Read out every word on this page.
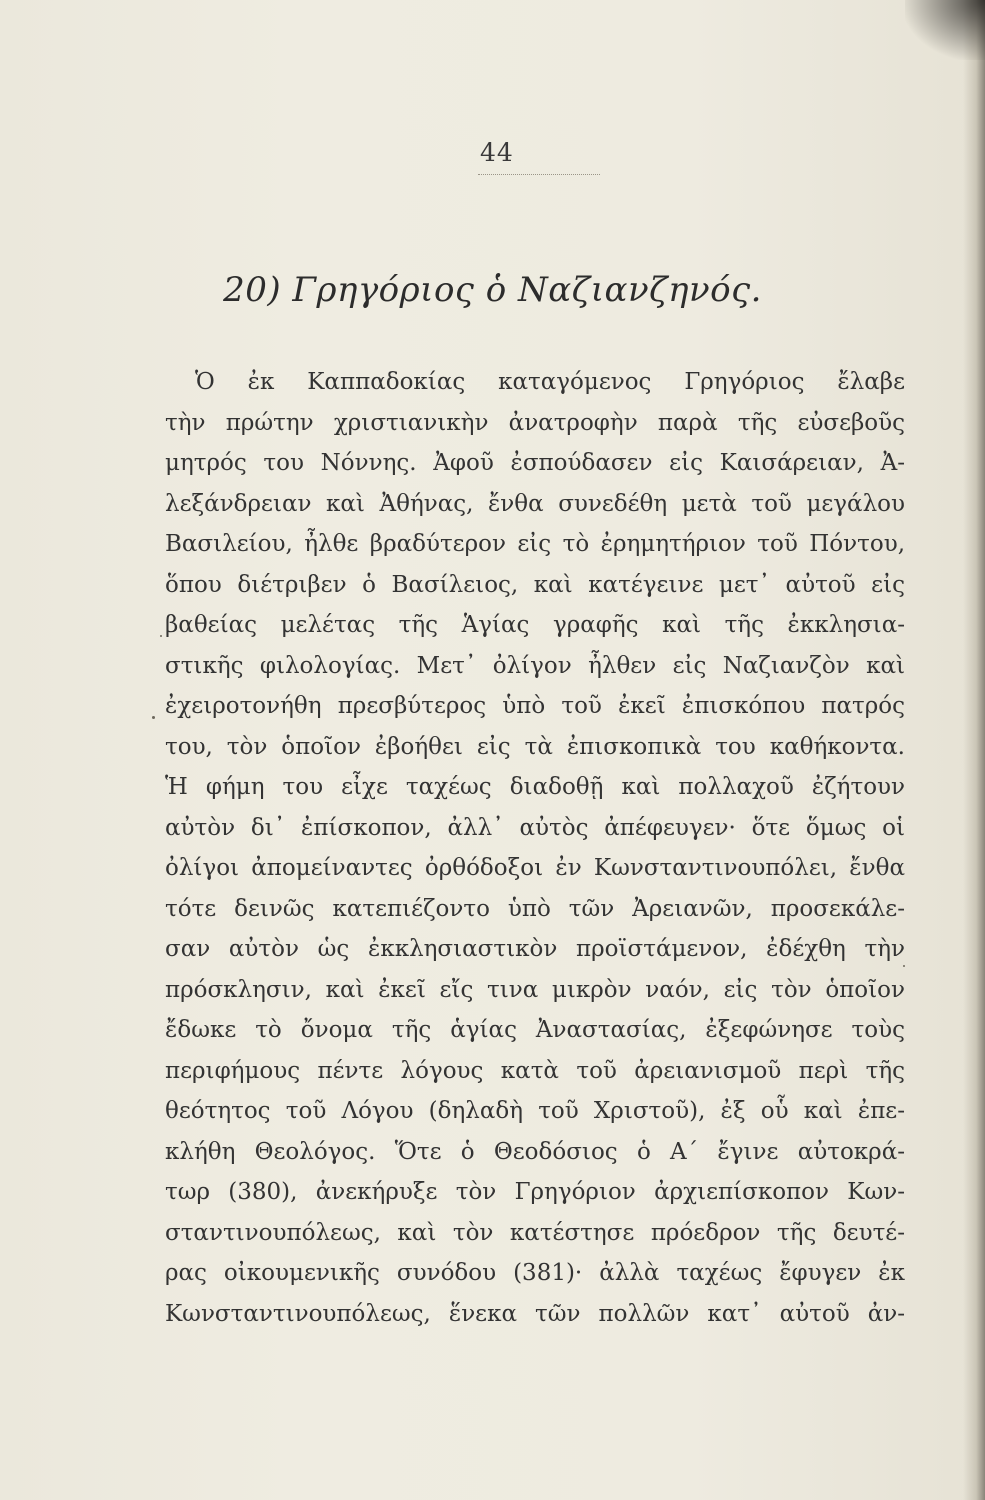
44
20) Γρηγόριος ὁ Ναζιανζηνός.
Ὁ ἐκ Καππαδοκίας καταγόμενος Γρηγόριος ἔλαβε
τὴν πρώτην χριστιανικὴν ἀνατροφὴν παρὰ τῆς εὐσεβοῦς
μητρός του Νόννης. Ἀφοῦ ἐσπούδασεν εἰς Καισάρειαν, Ἀ-
λεξάνδρειαν καὶ Ἀθήνας, ἔνθα συνεδέθη μετὰ τοῦ μεγάλου
Βασιλείου, ἦλθε βραδύτερον εἰς τὸ ἐρημητήριον τοῦ Πόντου,
ὅπου διέτριβεν ὁ Βασίλειος, καὶ κατέγεινε μετ᾽ αὐτοῦ εἰς
βαθείας μελέτας τῆς Ἁγίας γραφῆς καὶ τῆς ἐκκλησια-
στικῆς φιλολογίας. Μετ᾽ ὀλίγον ἦλθεν εἰς Ναζιανζὸν καὶ
ἐχειροτονήθη πρεσβύτερος ὑπὸ τοῦ ἐκεῖ ἐπισκόπου πατρός
του, τὸν ὁποῖον ἐβοήθει εἰς τὰ ἐπισκοπικὰ του καθήκοντα.
Ἡ φήμη του εἶχε ταχέως διαδοθῇ καὶ πολλαχοῦ ἐζήτουν
αὐτὸν δι᾽ ἐπίσκοπον, ἀλλ᾽ αὐτὸς ἀπέφευγεν· ὅτε ὅμως οἱ
ὀλίγοι ἀπομείναντες ὀρθόδοξοι ἐν Κωνσταντινουπόλει, ἔνθα
τότε δεινῶς κατεπιέζοντο ὑπὸ τῶν Ἀρειανῶν, προσεκάλε-
σαν αὐτὸν ὡς ἐκκλησιαστικὸν προϊστάμενον, ἐδέχθη τὴν
πρόσκλησιν, καὶ ἐκεῖ εἴς τινα μικρὸν ναόν, εἰς τὸν ὁποῖον
ἔδωκε τὸ ὄνομα τῆς ἁγίας Ἀναστασίας, ἐξεφώνησε τοὺς
περιφήμους πέντε λόγους κατὰ τοῦ ἀρειανισμοῦ περὶ τῆς
θεότητος τοῦ Λόγου (δηλαδὴ τοῦ Χριστοῦ), ἐξ οὗ καὶ ἐπε-
κλήθη Θεολόγος. Ὅτε ὁ Θεοδόσιος ὁ Α´ ἔγινε αὐτοκρά-
τωρ (380), ἀνεκήρυξε τὸν Γρηγόριον ἀρχιεπίσκοπον Κων-
σταντινουπόλεως, καὶ τὸν κατέστησε πρόεδρον τῆς δευτέ-
ρας οἰκουμενικῆς συνόδου (381)· ἀλλὰ ταχέως ἔφυγεν ἐκ
Κωνσταντινουπόλεως, ἕνεκα τῶν πολλῶν κατ᾽ αὐτοῦ ἀν-
